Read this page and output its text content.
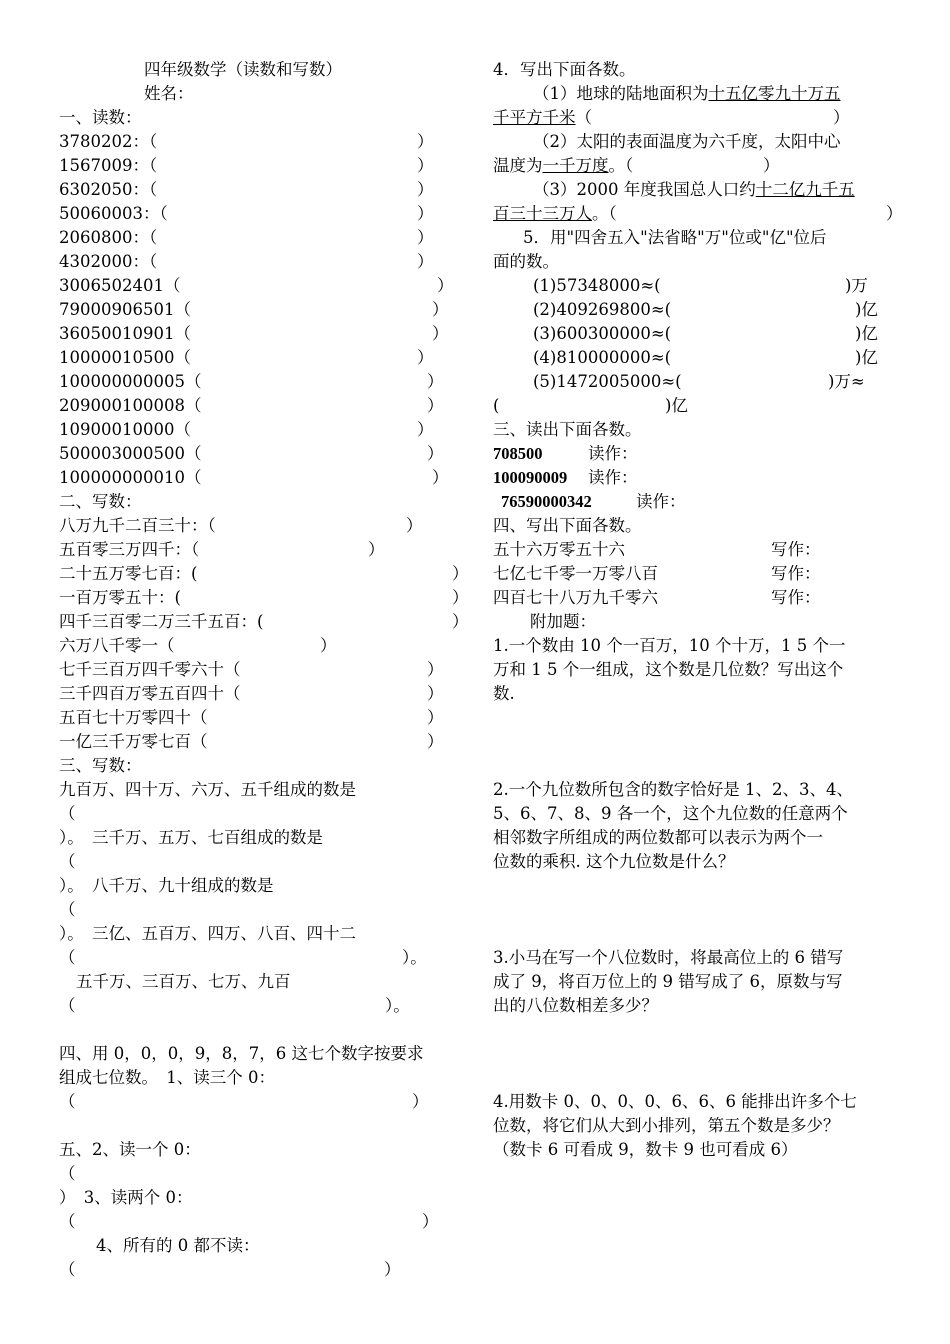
四年级数学（读数和写数）
姓名：
一、读数：
3780202：（	）
1567009：（	）
6302050：（	）
50060003：（	）
2060800：（	）
4302000：（	）
3006502401（	）
79000906501（	）
36050010901（	）
10000010500（	）
100000000005（	）
209000100008（	）
10900010000（	）
500003000500（	）
100000000010（	）
二、写数：
八万九千二百三十：（	）
五百零三万四千：（	）
二十五万零七百：(	）
一百万零五十：(	）
四千三百零二万三千五百：(	）
六万八千零一（	）
七千三百万四千零六十（	）
三千四百万零五百四十（	）
五百七十万零四十（	）
一亿三千万零七百（	）
三、写数：
九百万、四十万、六万、五千组成的数是
（
）。　三千万、五万、七百组成的数是
（
）。　八千万、九十组成的数是
（
）。　三亿、五百万、四万、八百、四十二
（	）。
五千万、三百万、七万、九百
（	）。
四、用 0，0，0，9，8，7，6 这七个数字按要求
组成七位数。　1、读三个 0：
（	）
五、2、读一个 0：
（
）　3、读两个 0：
（	）
4、所有的 0 都不读：
（	）
4．写出下面各数。
（1）地球的陆地面积为十五亿零九十万五
千平方千米（	）
（2）太阳的表面温度为六千度，太阳中心
温度为一千万度。（	）
（3）2000 年度我国总人口约十二亿九千五
百三十三万人。（	）
5．用"四舍五入"法省略"万"位或"亿"位后
面的数。
(1)57348000≈(	)万
(2)409269800≈(	)亿
(3)600300000≈(	)亿
(4)810000000≈(	)亿
(5)1472005000≈(	)万≈
(	)亿
三、读出下面各数。
708500	读作：
100090009 读作：
76590000342	读作：
四、写出下面各数。
五十六万零五十六	写作：
七亿七千零一万零八百	写作：
四百七十八万九千零六	写作：
附加题：
1.一个数由 10 个一百万，10 个十万，1 5 个一
万和 1 5 个一组成，这个数是几位数？写出这个
数.
2.一个九位数所包含的数字恰好是 1、2、3、4、
5、6、7、8、9 各一个，这个九位数的任意两个
相邻数字所组成的两位数都可以表示为两个一
位数的乘积. 这个九位数是什么？
3.小马在写一个八位数时，将最高位上的 6 错写
成了 9，将百万位上的 9 错写成了 6，原数与写
出的八位数相差多少？
4.用数卡 0、0、0、0、6、6、6 能排出许多个七
位数，将它们从大到小排列，第五个数是多少？
（数卡 6 可看成 9，数卡 9 也可看成 6）
